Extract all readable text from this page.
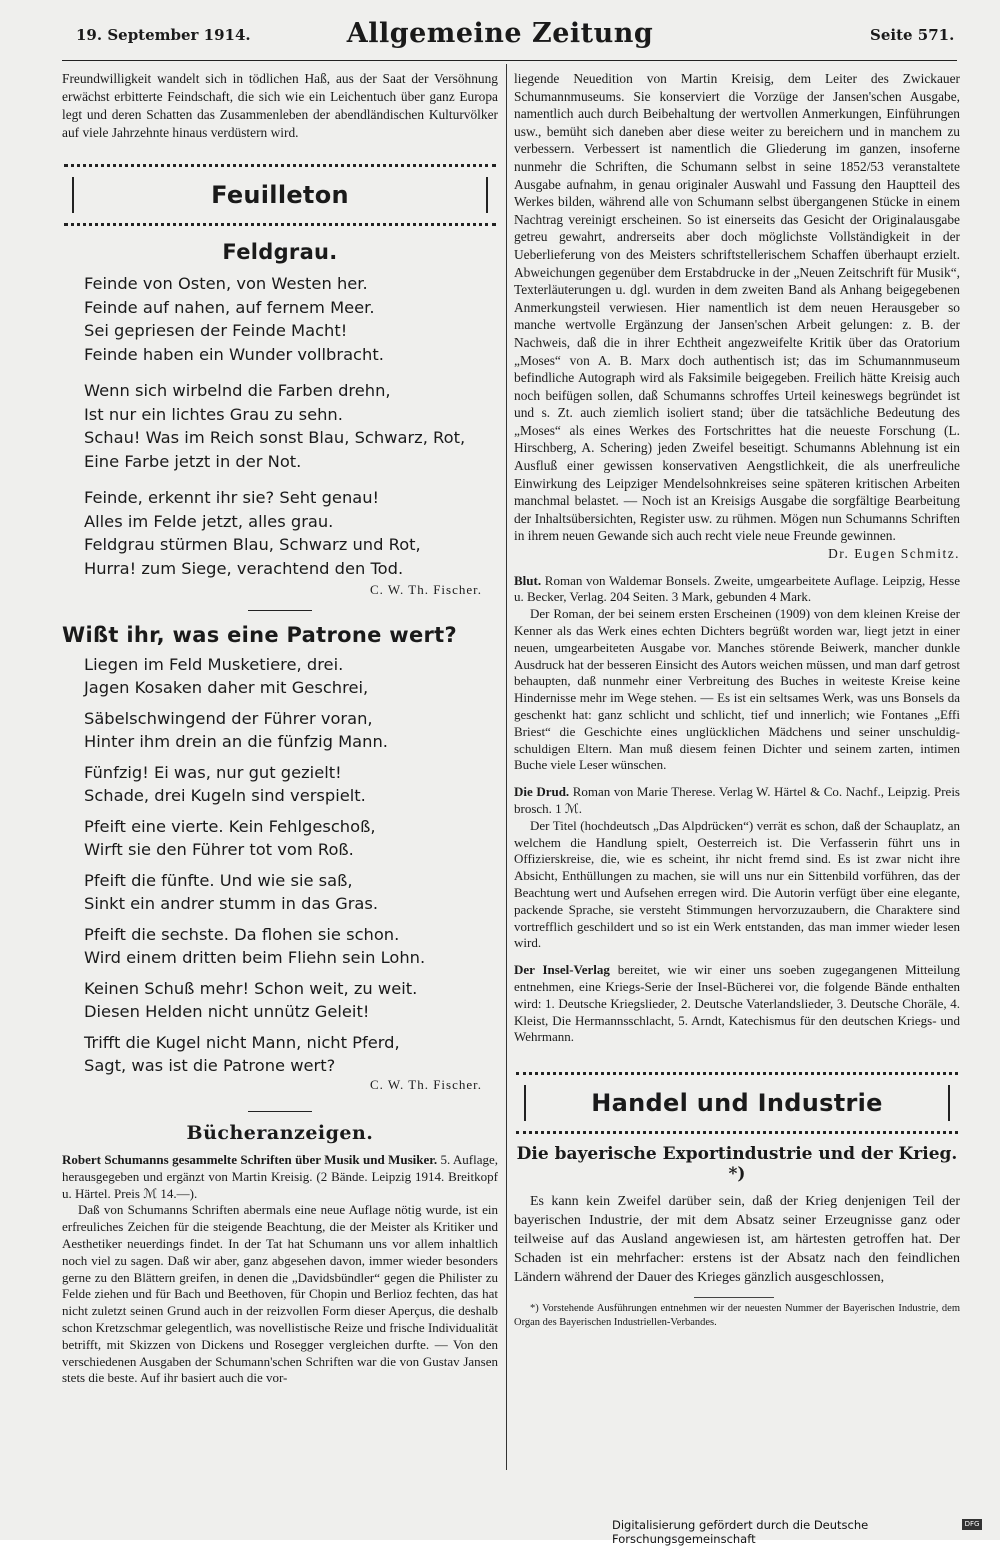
19. September 1914.	Allgemeine Zeitung	Seite 571.

Freundwilligkeit wandelt sich in tödlichen Haß, aus der Saat der Versöhnung erwächst erbitterte Feindschaft, die sich wie ein Leichentuch über ganz Europa legt und deren Schatten das Zusammenleben der abendländischen Kulturvölker auf viele Jahrzehnte hinaus verdüstern wird.

Feuilleton
Feldgrau.
Feinde von Osten, von Westen her.
Feinde auf nahen, auf fernem Meer.
Sei gepriesen der Feinde Macht!
Feinde haben ein Wunder vollbracht.
Wenn sich wirbelnd die Farben drehn,
Ist nur ein lichtes Grau zu sehn.
Schau! Was im Reich sonst Blau, Schwarz, Rot,
Eine Farbe jetzt in der Not.
Feinde, erkennt ihr sie? Seht genau!
Alles im Felde jetzt, alles grau.
Feldgrau stürmen Blau, Schwarz und Rot,
Hurra! zum Siege, verachtend den Tod.
C. W. Th. Fischer.
Wißt ihr, was eine Patrone wert?
Liegen im Feld Musketiere, drei.
Jagen Kosaken daher mit Geschrei,
Säbelschwingend der Führer voran,
Hinter ihm drein an die fünfzig Mann.
Fünfzig! Ei was, nur gut gezielt!
Schade, drei Kugeln sind verspielt.
Pfeift eine vierte. Kein Fehlgeschoß,
Wirft sie den Führer tot vom Roß.
Pfeift die fünfte. Und wie sie saß,
Sinkt ein andrer stumm in das Gras.
Pfeift die sechste. Da flohen sie schon.
Wird einem dritten beim Fliehn sein Lohn.
Keinen Schuß mehr! Schon weit, zu weit.
Diesen Helden nicht unnütz Geleit!
Trifft die Kugel nicht Mann, nicht Pferd,
Sagt, was ist die Patrone wert?
C. W. Th. Fischer.
Bücheranzeigen.

Robert Schumanns gesammelte Schriften über Musik und Musiker. 5. Auflage, herausgegeben und ergänzt von Martin Kreisig. (2 Bände. Leipzig 1914. Breitkopf u. Härtel. Preis ℳ 14.—).

Daß von Schumanns Schriften abermals eine neue Auflage nötig wurde, ist ein erfreuliches Zeichen für die steigende Beachtung, die der Meister als Kritiker und Aesthetiker neuerdings findet. In der Tat hat Schumann uns vor allem inhaltlich noch viel zu sagen. Daß wir aber, ganz abgesehen davon, immer wieder besonders gerne zu den Blättern greifen, in denen die „Davidsbündler“ gegen die Philister zu Felde ziehen und für Bach und Beethoven, für Chopin und Berlioz fechten, das hat nicht zuletzt seinen Grund auch in der reizvollen Form dieser Aperçus, die deshalb schon Kretzschmar gelegentlich, was novellistische Reize und frische Individualität betrifft, mit Skizzen von Dickens und Rosegger vergleichen durfte. — Von den verschiedenen Ausgaben der Schumann'schen Schriften war die von Gustav Jansen stets die beste. Auf ihr basiert auch die vor-

liegende Neuedition von Martin Kreisig, dem Leiter des Zwickauer Schumannmuseums. Sie konserviert die Vorzüge der Jansen'schen Ausgabe, namentlich auch durch Beibehaltung der wertvollen Anmerkungen, Einführungen usw., bemüht sich daneben aber diese weiter zu bereichern und in manchem zu verbessern. Verbessert ist namentlich die Gliederung im ganzen, insoferne nunmehr die Schriften, die Schumann selbst in seine 1852/53 veranstaltete Ausgabe aufnahm, in genau originaler Auswahl und Fassung den Hauptteil des Werkes bilden, während alle von Schumann selbst übergangenen Stücke in einem Nachtrag vereinigt erscheinen. So ist einerseits das Gesicht der Originalausgabe getreu gewahrt, andrerseits aber doch möglichste Vollständigkeit in der Ueberlieferung von des Meisters schriftstellerischem Schaffen überhaupt erzielt. Abweichungen gegenüber dem Erstabdrucke in der „Neuen Zeitschrift für Musik“, Texterläuterungen u. dgl. wurden in dem zweiten Band als Anhang beigegebenen Anmerkungsteil verwiesen. Hier namentlich ist dem neuen Herausgeber so manche wertvolle Ergänzung der Jansen'schen Arbeit gelungen: z. B. der Nachweis, daß die in ihrer Echtheit angezweifelte Kritik über das Oratorium „Moses“ von A. B. Marx doch authentisch ist; das im Schumannmuseum befindliche Autograph wird als Faksimile beigegeben. Freilich hätte Kreisig auch noch beifügen sollen, daß Schumanns schroffes Urteil keineswegs begründet ist und s. Zt. auch ziemlich isoliert stand; über die tatsächliche Bedeutung des „Moses“ als eines Werkes des Fortschrittes hat die neueste Forschung (L. Hirschberg, A. Schering) jeden Zweifel beseitigt. Schumanns Ablehnung ist ein Ausfluß einer gewissen konservativen Aengstlichkeit, die als unerfreuliche Einwirkung des Leipziger Mendelsohnkreises seine späteren kritischen Arbeiten manchmal belastet. — Noch ist an Kreisigs Ausgabe die sorgfältige Bearbeitung der Inhaltsübersichten, Register usw. zu rühmen. Mögen nun Schumanns Schriften in ihrem neuen Gewande sich auch recht viele neue Freunde gewinnen.

Dr. Eugen Schmitz.

Blut. Roman von Waldemar Bonsels. Zweite, umgearbeitete Auflage. Leipzig, Hesse u. Becker, Verlag. 204 Seiten. 3 Mark, gebunden 4 Mark.

Der Roman, der bei seinem ersten Erscheinen (1909) von dem kleinen Kreise der Kenner als das Werk eines echten Dichters begrüßt worden war, liegt jetzt in einer neuen, umgearbeiteten Ausgabe vor. Manches störende Beiwerk, mancher dunkle Ausdruck hat der besseren Einsicht des Autors weichen müssen, und man darf getrost behaupten, daß nunmehr einer Verbreitung des Buches in weiteste Kreise keine Hindernisse mehr im Wege stehen. — Es ist ein seltsames Werk, was uns Bonsels da geschenkt hat: ganz schlicht und schlicht, tief und innerlich; wie Fontanes „Effi Briest“ die Geschichte eines unglücklichen Mädchens und seiner unschuldig-schuldigen Eltern. Man muß diesem feinen Dichter und seinem zarten, intimen Buche viele Leser wünschen.

Die Drud. Roman von Marie Therese. Verlag W. Härtel & Co. Nachf., Leipzig. Preis brosch. 1 ℳ.

Der Titel (hochdeutsch „Das Alpdrücken“) verrät es schon, daß der Schauplatz, an welchem die Handlung spielt, Oesterreich ist. Die Verfasserin führt uns in Offizierskreise, die, wie es scheint, ihr nicht fremd sind. Es ist zwar nicht ihre Absicht, Enthüllungen zu machen, sie will uns nur ein Sittenbild vorführen, das der Beachtung wert und Aufsehen erregen wird. Die Autorin verfügt über eine elegante, packende Sprache, sie versteht Stimmungen hervorzuzaubern, die Charaktere sind vortrefflich geschildert und so ist ein Werk entstanden, das man immer wieder lesen wird.

Der Insel-Verlag bereitet, wie wir einer uns soeben zugegangenen Mitteilung entnehmen, eine Kriegs-Serie der Insel-Bücherei vor, die folgende Bände enthalten wird: 1. Deutsche Kriegslieder, 2. Deutsche Vaterlandslieder, 3. Deutsche Choräle, 4. Kleist, Die Hermannsschlacht, 5. Arndt, Katechismus für den deutschen Kriegs- und Wehrmann.

Handel und Industrie
Die bayerische Exportindustrie und der Krieg. *)

Es kann kein Zweifel darüber sein, daß der Krieg denjenigen Teil der bayerischen Industrie, der mit dem Absatz seiner Erzeugnisse ganz oder teilweise auf das Ausland angewiesen ist, am härtesten getroffen hat. Der Schaden ist ein mehrfacher: erstens ist der Absatz nach den feindlichen Ländern während der Dauer des Krieges gänzlich ausgeschlossen,

*) Vorstehende Ausführungen entnehmen wir der neuesten Nummer der Bayerischen Industrie, dem Organ des Bayerischen Industriellen-Verbandes.

Digitalisierung gefördert durch die Deutsche Forschungsgemeinschaft
DFG
